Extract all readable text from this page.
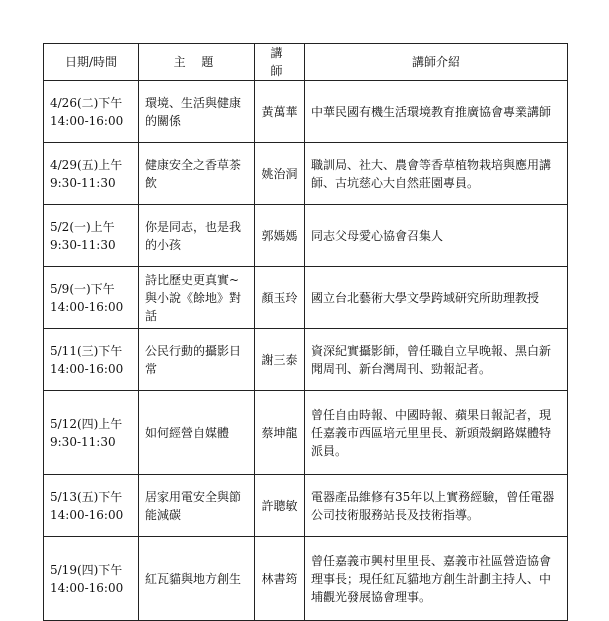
日期/時間	主 題	講 師	講師介紹

4/26(二)下午
14:00-16:00	環境、生活與健康的關係	黃萬華	中華民國有機生活環境教育推廣協會專業講師

4/29(五)上午
9:30-11:30	健康安全之香草茶飲	姚治洞	職訓局、社大、農會等香草植物栽培與應用講師、古坑慈心大自然莊園專員。

5/2(一)上午
9:30-11:30	你是同志，也是我的小孩	郭媽媽	同志父母愛心協會召集人

5/9(一)下午
14:00-16:00	詩比歷史更真實~與小說《餘地》對話	顏玉玲	國立台北藝術大學文學跨域研究所助理教授

5/11(三)下午
14:00-16:00	公民行動的攝影日常	謝三泰	資深紀實攝影師，曾任職自立早晚報、黑白新聞周刊、新台灣周刊、勁報記者。

5/12(四)上午
9:30-11:30	如何經營自媒體	蔡坤龍	曾任自由時報、中國時報、蘋果日報記者，現任嘉義市西區培元里里長、新頭殼網路媒體特派員。

5/13(五)下午
14:00-16:00	居家用電安全與節能減碳	許聰敏	電器產品維修有35年以上實務經驗，曾任電器公司技術服務站長及技術指導。

5/19(四)下午
14:00-16:00	紅瓦貓與地方創生	林書筠	曾任嘉義市興村里里長、嘉義市社區營造協會理事長；現任紅瓦貓地方創生計劃主持人、中埔觀光發展協會理事。
